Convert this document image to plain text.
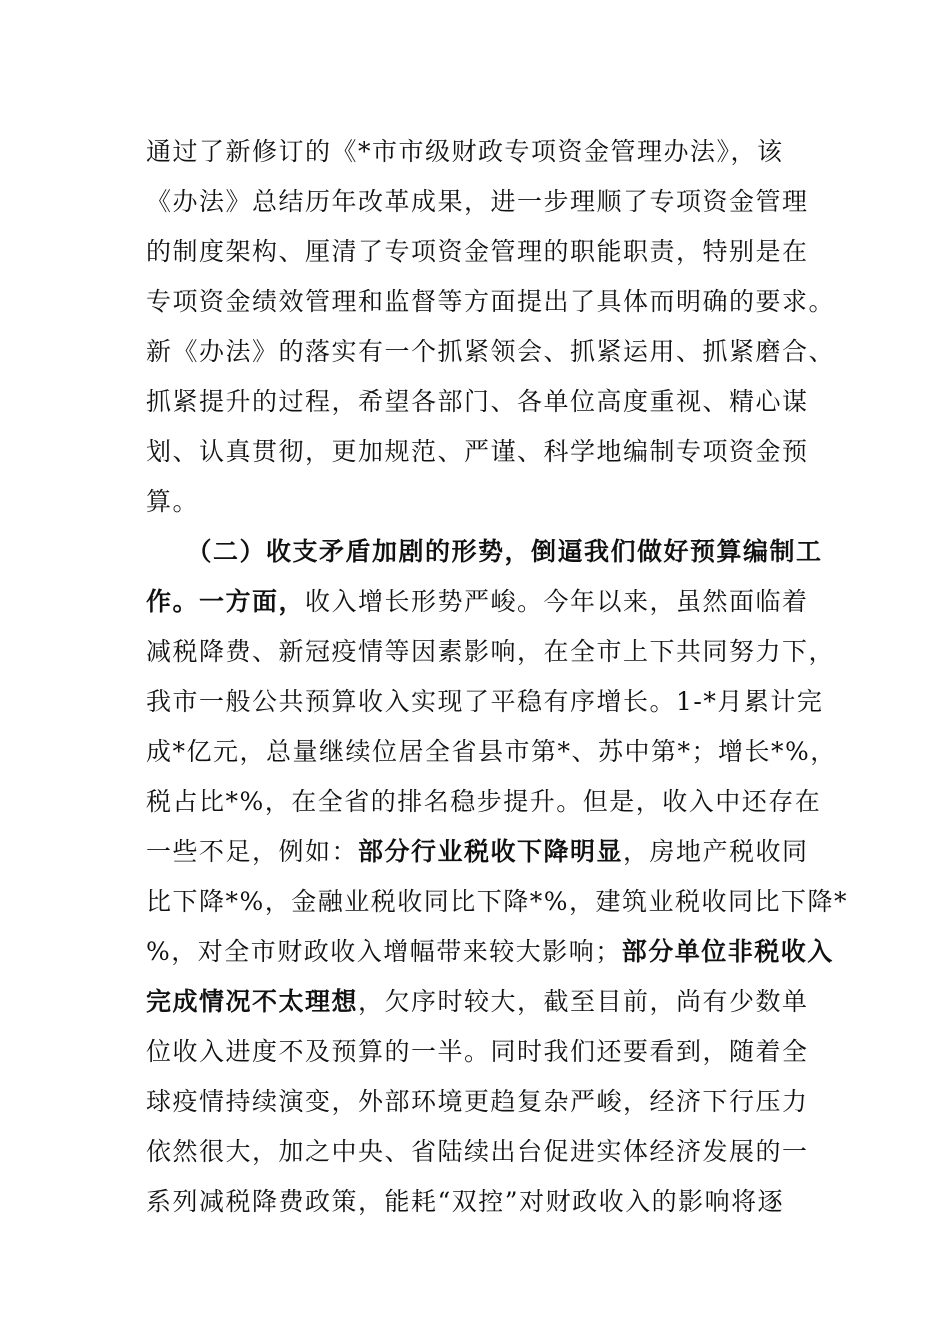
通过了新修订的《*市市级财政专项资金管理办法》，该
《办法》总结历年改革成果，进一步理顺了专项资金管理
的制度架构、厘清了专项资金管理的职能职责，特别是在
专项资金绩效管理和监督等方面提出了具体而明确的要求。
新《办法》的落实有一个抓紧领会、抓紧运用、抓紧磨合、
抓紧提升的过程，希望各部门、各单位高度重视、精心谋
划、认真贯彻，更加规范、严谨、科学地编制专项资金预
算。
　　（二）收支矛盾加剧的形势，倒逼我们做好预算编制工
作。一方面，收入增长形势严峻。今年以来，虽然面临着
减税降费、新冠疫情等因素影响，在全市上下共同努力下，
我市一般公共预算收入实现了平稳有序增长。1-*月累计完
成*亿元，总量继续位居全省县市第*、苏中第*；增长*%，
税占比*%，在全省的排名稳步提升。但是，收入中还存在
一些不足，例如：部分行业税收下降明显，房地产税收同
比下降*%，金融业税收同比下降*%，建筑业税收同比下降*
%，对全市财政收入增幅带来较大影响；部分单位非税收入
完成情况不太理想，欠序时较大，截至目前，尚有少数单
位收入进度不及预算的一半。同时我们还要看到，随着全
球疫情持续演变，外部环境更趋复杂严峻，经济下行压力
依然很大，加之中央、省陆续出台促进实体经济发展的一
系列减税降费政策，能耗“双控”对财政收入的影响将逐
